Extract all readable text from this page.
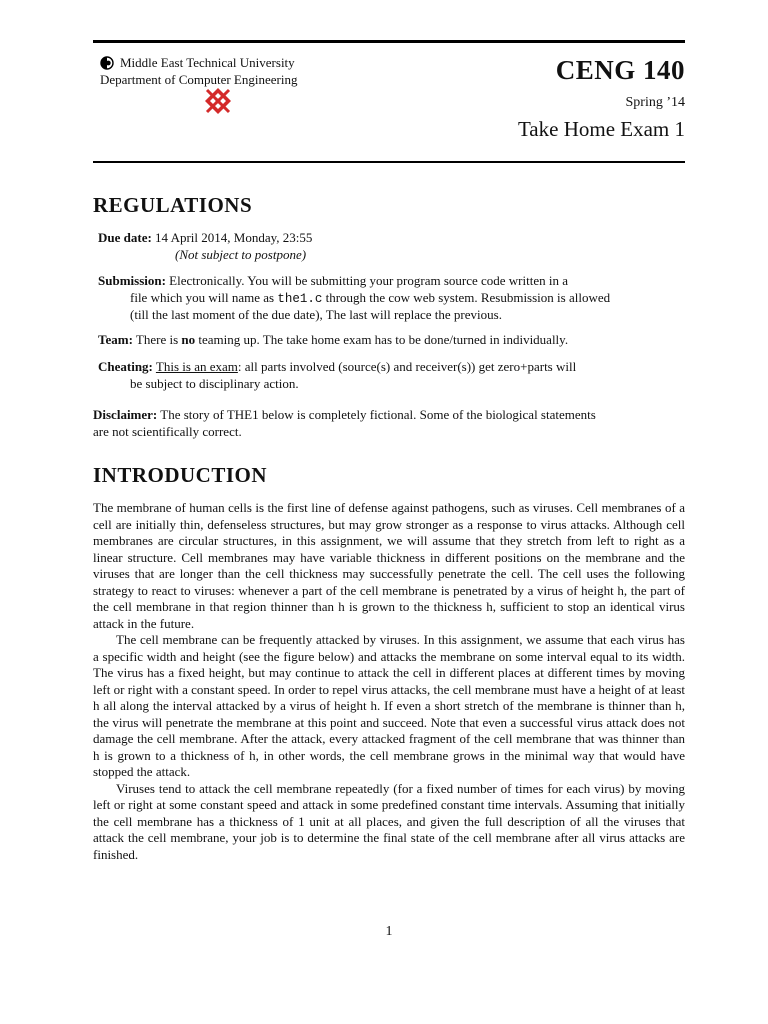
Middle East Technical University
Department of Computer Engineering	CENG 140
Spring ’14
Take Home Exam 1
REGULATIONS
Due date: 14 April 2014, Monday, 23:55
(Not subject to postpone)
Submission: Electronically. You will be submitting your program source code written in a
file which you will name as the1.c through the cow web system. Resubmission is allowed
(till the last moment of the due date), The last will replace the previous.
Team: There is no teaming up. The take home exam has to be done/turned in individually.
Cheating: This is an exam: all parts involved (source(s) and receiver(s)) get zero+parts will
be subject to disciplinary action.
Disclaimer: The story of THE1 below is completely fictional. Some of the biological statements
are not scientifically correct.
INTRODUCTION

The membrane of human cells is the first line of defense against pathogens, such as viruses. Cell membranes of a cell are initially thin, defenseless structures, but may grow stronger as a response to virus attacks. Although cell membranes are circular structures, in this assignment, we will assume that they stretch from left to right as a linear structure. Cell membranes may have variable thickness in different positions on the membrane and the viruses that are longer than the cell thickness may successfully penetrate the cell. The cell uses the following strategy to react to viruses: whenever a part of the cell membrane is penetrated by a virus of height h, the part of the cell membrane in that region thinner than h is grown to the thickness h, sufficient to stop an identical virus attack in the future.

The cell membrane can be frequently attacked by viruses. In this assignment, we assume that each virus has a specific width and height (see the figure below) and attacks the membrane on some interval equal to its width. The virus has a fixed height, but may continue to attack the cell in different places at different times by moving left or right with a constant speed. In order to repel virus attacks, the cell membrane must have a height of at least h all along the interval attacked by a virus of height h. If even a short stretch of the membrane is thinner than h, the virus will penetrate the membrane at this point and succeed. Note that even a successful virus attack does not damage the cell membrane. After the attack, every attacked fragment of the cell membrane that was thinner than h is grown to a thickness of h, in other words, the cell membrane grows in the minimal way that would have stopped the attack.

Viruses tend to attack the cell membrane repeatedly (for a fixed number of times for each virus) by moving left or right at some constant speed and attack in some predefined constant time intervals. Assuming that initially the cell membrane has a thickness of 1 unit at all places, and given the full description of all the viruses that attack the cell membrane, your job is to determine the final state of the cell membrane after all virus attacks are finished.

1
